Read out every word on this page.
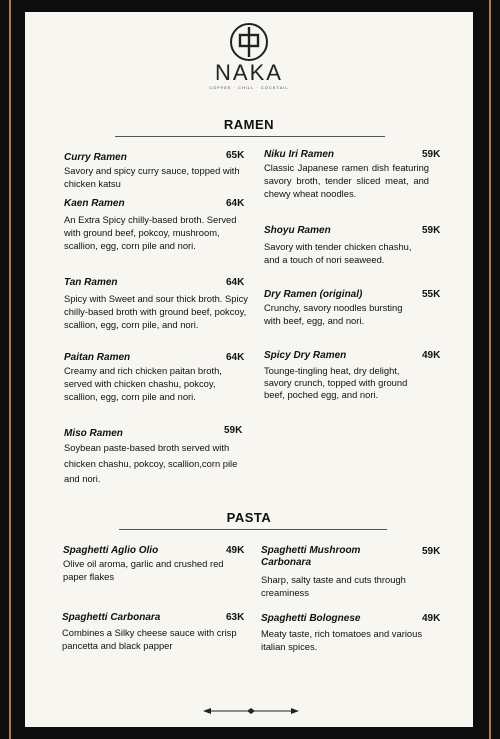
NAKA
COFFEE · CHILL · COCKTAIL
RAMEN
Curry Ramen
Savory and spicy curry sauce, topped with chicken katsu
65K
Kaen Ramen
An Extra Spicy chilly-based broth. Served with ground beef, pokcoy, mushroom, scallion, egg, corn pile and nori.
64K
Tan Ramen
Spicy with Sweet and sour thick broth. Spicy chilly-based broth with ground beef, pokcoy, scallion, egg, corn pile, and nori.
64K
Paitan Ramen
Creamy and rich chicken paitan broth, served with chicken chashu, pokcoy, scallion, egg, corn pile and nori.
64K
Miso Ramen
Soybean paste-based broth served with chicken chashu, pokcoy, scallion,corn pile and nori.
59K
Niku Iri Ramen
Classic Japanese ramen dish featuring savory broth, tender sliced meat, and chewy wheat noodles.
59K
Shoyu Ramen
Savory with tender chicken chashu, and a touch of nori seaweed.
59K
Dry Ramen (original)
Crunchy, savory noodles bursting with beef, egg, and nori.
55K
Spicy Dry Ramen
Tounge-tingling heat, dry delight, savory crunch, topped with ground beef, poched egg, and nori.
49K
PASTA
Spaghetti Aglio Olio
Olive oil aroma, garlic and crushed red paper flakes
49K
Spaghetti Carbonara
Combines a Silky cheese sauce with crisp pancetta and black papper
63K
Spaghetti Mushroom Carbonara
Sharp, salty taste and cuts through creaminess
59K
Spaghetti Bolognese
Meaty taste, rich tomatoes and various italian spices.
49K
